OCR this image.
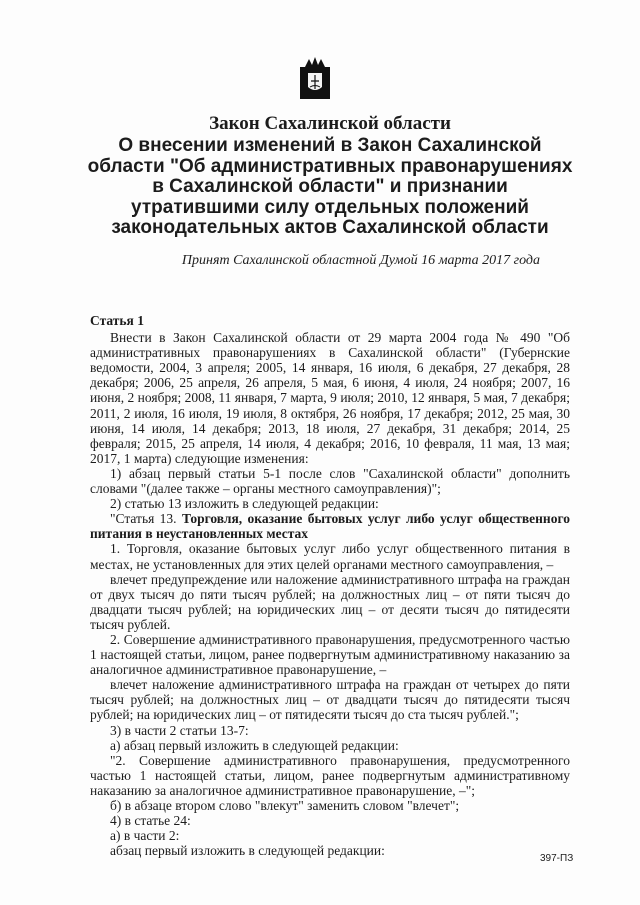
Закон Сахалинской области
О внесении изменений в Закон Сахалинской
области "Об административных правонарушениях
в Сахалинской области" и признании
утратившими силу отдельных положений
законодательных актов Сахалинской области
Принят Сахалинской областной Думой 16 марта 2017 года

Статья 1

Внести в Закон Сахалинской области от 29 марта 2004 года № 490 "Об административных правонарушениях в Сахалинской области" (Губернские ведомости, 2004, 3 апреля; 2005, 14 января, 16 июля, 6 декабря, 27 декабря, 28 декабря; 2006, 25 апреля, 26 апреля, 5 мая, 6 июня, 4 июля, 24 ноября; 2007, 16 июня, 2 ноября; 2008, 11 января, 7 марта, 9 июля; 2010, 12 января, 5 мая, 7 декабря; 2011, 2 июля, 16 июля, 19 июля, 8 октября, 26 ноября, 17 декабря; 2012, 25 мая, 30 июня, 14 июля, 14 декабря; 2013, 18 июля, 27 декабря, 31 декабря; 2014, 25 февраля; 2015, 25 апреля, 14 июля, 4 декабря; 2016, 10 февраля, 11 мая, 13 мая; 2017, 1 марта) следующие изменения:

1) абзац первый статьи 5-1 после слов "Сахалинской области" дополнить словами "(далее также – органы местного самоуправления)";

2) статью 13 изложить в следующей редакции:

"Статья 13. Торговля, оказание бытовых услуг либо услуг общественного питания в неустановленных местах

1. Торговля, оказание бытовых услуг либо услуг общественного питания в местах, не установленных для этих целей органами местного самоуправления, –

влечет предупреждение или наложение административного штрафа на граждан от двух тысяч до пяти тысяч рублей; на должностных лиц – от пяти тысяч до двадцати тысяч рублей; на юридических лиц – от десяти тысяч до пятидесяти тысяч рублей.

2. Совершение административного правонарушения, предусмотренного частью 1 настоящей статьи, лицом, ранее подвергнутым административному наказанию за аналогичное административное правонарушение, –

влечет наложение административного штрафа на граждан от четырех до пяти тысяч рублей; на должностных лиц – от двадцати тысяч до пятидесяти тысяч рублей; на юридических лиц – от пятидесяти тысяч до ста тысяч рублей.";

3) в части 2 статьи 13-7:

а) абзац первый изложить в следующей редакции:

"2. Совершение административного правонарушения, предусмотренного частью 1 настоящей статьи, лицом, ранее подвергнутым административному наказанию за аналогичное административное правонарушение, –";

б) в абзаце втором слово "влекут" заменить словом "влечет";

4) в статье 24:

а) в части 2:

абзац первый изложить в следующей редакции:

397-ПЗ
